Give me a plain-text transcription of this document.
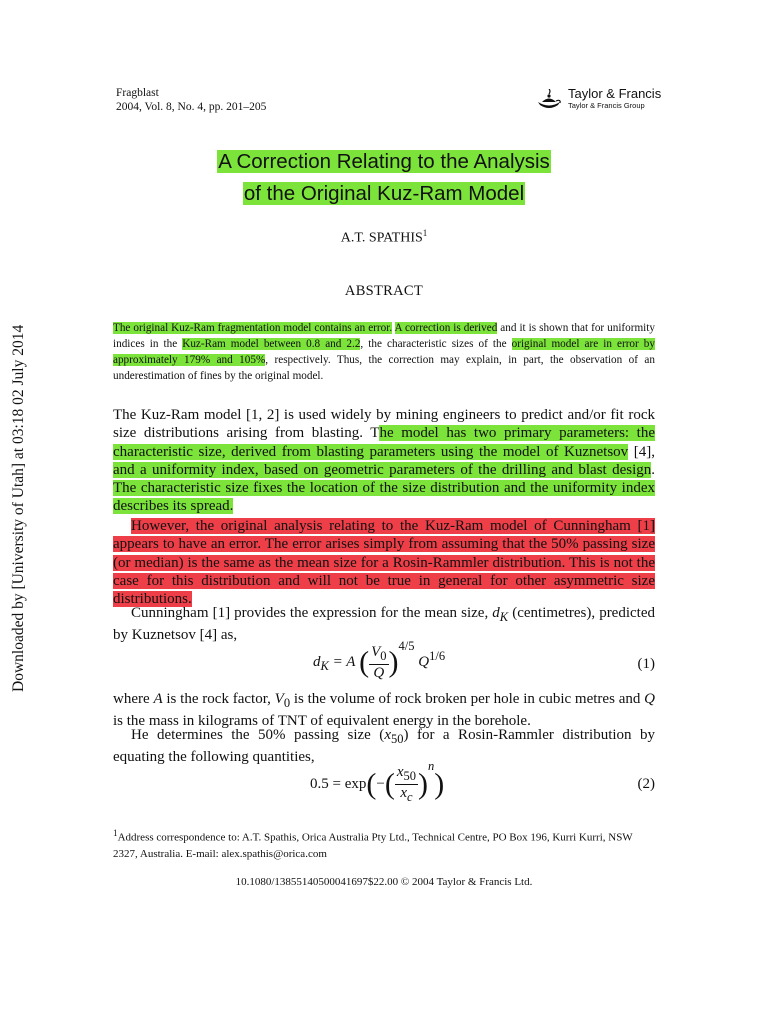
Fragblast
2004, Vol. 8, No. 4, pp. 201–205
Taylor & Francis
Taylor & Francis Group
A Correction Relating to the Analysis
of the Original Kuz-Ram Model
A.T. SPATHIS$^1$
ABSTRACT
The original Kuz-Ram fragmentation model contains an error. A correction is derived and it is shown that for uniformity indices in the Kuz-Ram model between 0.8 and 2.2, the characteristic sizes of the original model are in error by approximately 179% and 105%, respectively. Thus, the correction may explain, in part, the observation of an underestimation of fines by the original model.
The Kuz-Ram model [1, 2] is used widely by mining engineers to predict and/or fit rock size distributions arising from blasting. The model has two primary parameters: the characteristic size, derived from blasting parameters using the model of Kuznetsov [4], and a uniformity index, based on geometric parameters of the drilling and blast design. The characteristic size fixes the location of the size distribution and the uniformity index describes its spread.
However, the original analysis relating to the Kuz-Ram model of Cunningham [1] appears to have an error. The error arises simply from assuming that the 50% passing size (or median) is the same as the mean size for a Rosin-Rammler distribution. This is not the case for this distribution and will not be true in general for other asymmetric size distributions.
Cunningham [1] provides the expression for the mean size, $d_K$ (centimetres), predicted by Kuznetsov [4] as,
$d_K = A$ ( $\frac{V_0}{Q} )^{4/5}$ $Q^{1/6}$
(1)
where A is the rock factor, $V_0$ is the volume of rock broken per hole in cubic metres and Q is the mass in kilograms of TNT of equivalent energy in the borehole.
He determines the 50% passing size $(x_{50})$ for a Rosin-Rammler distribution by equating the following quantities,
$0.5 = \exp(-( \frac{x_{50}}{x_c} )^n)$	(2)
$^1$Address correspondence to: A.T. Spathis, Orica Australia Pty Ltd., Technical Centre, PO Box 196, Kurri Kurri, NSW 2327, Australia. E-mail: alex.spathis@orica.com
10.1080/13855140500041697$22.00 © 2004 Taylor & Francis Ltd.
Downloaded by [University of Utah] at 03:18 02 July 2014
